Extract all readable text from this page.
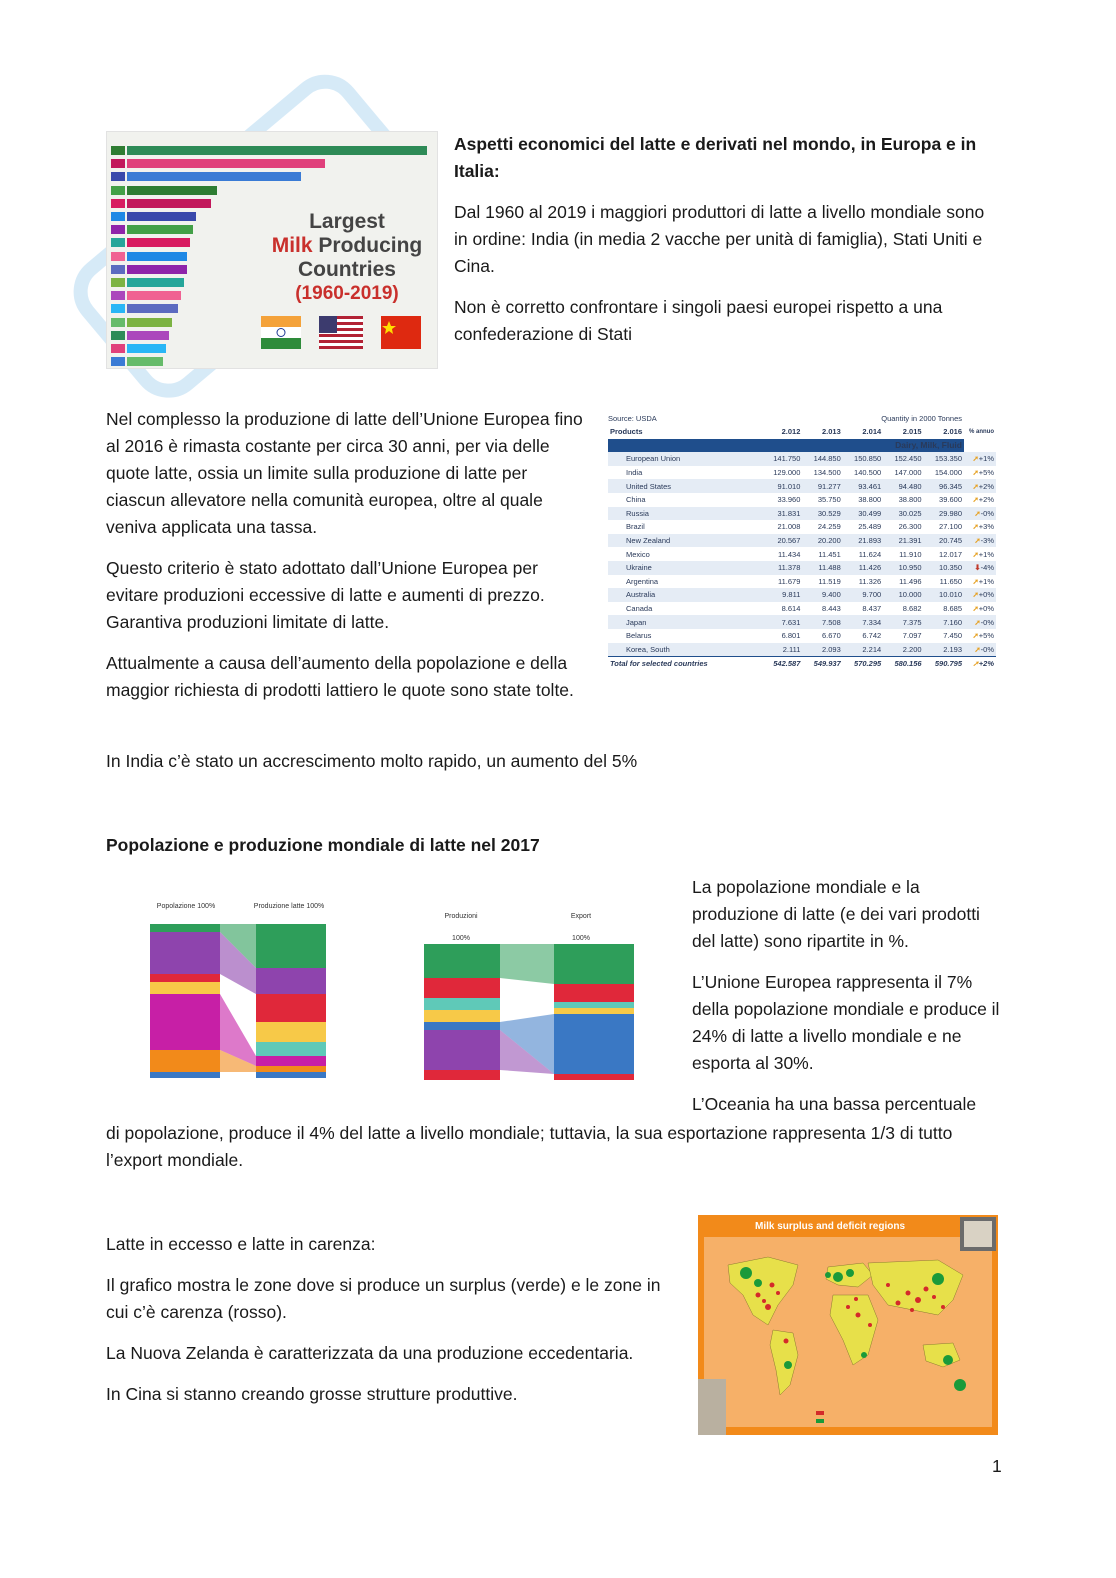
Largest
Milk Producing
Countries
(1960-2019)

Aspetti economici del latte e derivati nel mondo, in Europa e in Italia:

Dal 1960 al 2019 i maggiori produttori di latte a livello mondiale sono in ordine: India (in media 2 vacche per unità di famiglia), Stati Uniti e Cina.

Non è corretto confrontare i singoli paesi europei rispetto a una confederazione di Stati

Nel complesso la produzione di latte dell’Unione Europea fino al 2016 è rimasta costante per circa 30 anni, per via delle quote latte, ossia un limite sulla produzione di latte per ciascun allevatore nella comunità europea, oltre al quale veniva applicata una tassa.

Questo criterio è stato adottato dall’Unione Europea per evitare produzioni eccessive di latte e aumenti di prezzo. Garantiva produzioni limitate di latte.

Attualmente a causa dell’aumento della popolazione e della maggior richiesta di prodotti lattiero le quote sono state tolte.

In India c’è stato un accrescimento molto rapido, un aumento del 5%

Source: USDA	Quantity in 2000 Tonnes
Products	2.012	2.013	2.014	2.015	2.016	% annuo
Dairy, Milk, Fluid						
European Union	141.750	144.850	150.850	152.450	153.350	➚+1%
India	129.000	134.500	140.500	147.000	154.000	➚+5%
United States	91.010	91.277	93.461	94.480	96.345	➚+2%
China	33.960	35.750	38.800	38.800	39.600	➚+2%
Russia	31.831	30.529	30.499	30.025	29.980	➚-0%
Brazil	21.008	24.259	25.489	26.300	27.100	➚+3%
New Zealand	20.567	20.200	21.893	21.391	20.745	➚-3%
Mexico	11.434	11.451	11.624	11.910	12.017	➚+1%
Ukraine	11.378	11.488	11.426	10.950	10.350	⬇-4%
Argentina	11.679	11.519	11.326	11.496	11.650	➚+1%
Australia	9.811	9.400	9.700	10.000	10.010	➚+0%
Canada	8.614	8.443	8.437	8.682	8.685	➚+0%
Japan	7.631	7.508	7.334	7.375	7.160	➚-0%
Belarus	6.801	6.670	6.742	7.097	7.450	➚+5%
Korea, South	2.111	2.093	2.214	2.200	2.193	➚-0%
Total for selected countries	542.587	549.937	570.295	580.156	590.795	➚+2%

Popolazione e produzione mondiale di latte nel 2017

Popolazione 100%	Produzione latte 100%
Produzioni
100%
Export
100%

La popolazione mondiale e la produzione di latte (e dei vari prodotti del latte) sono ripartite in %.

L’Unione Europea rappresenta il 7% della popolazione mondiale e produce il 24% di latte a livello mondiale e ne esporta al 30%.

L’Oceania ha una bassa percentuale

di popolazione, produce il 4% del latte a livello mondiale; tuttavia, la sua esportazione rappresenta 1/3 di tutto l’export mondiale.

Latte in eccesso e latte in carenza:

Il grafico mostra le zone dove si produce un surplus (verde) e le zone in cui c’è carenza (rosso).

La Nuova Zelanda è caratterizzata da una produzione eccedentaria.

In Cina si stanno creando grosse strutture produttive.

Milk surplus and deficit regions
1
